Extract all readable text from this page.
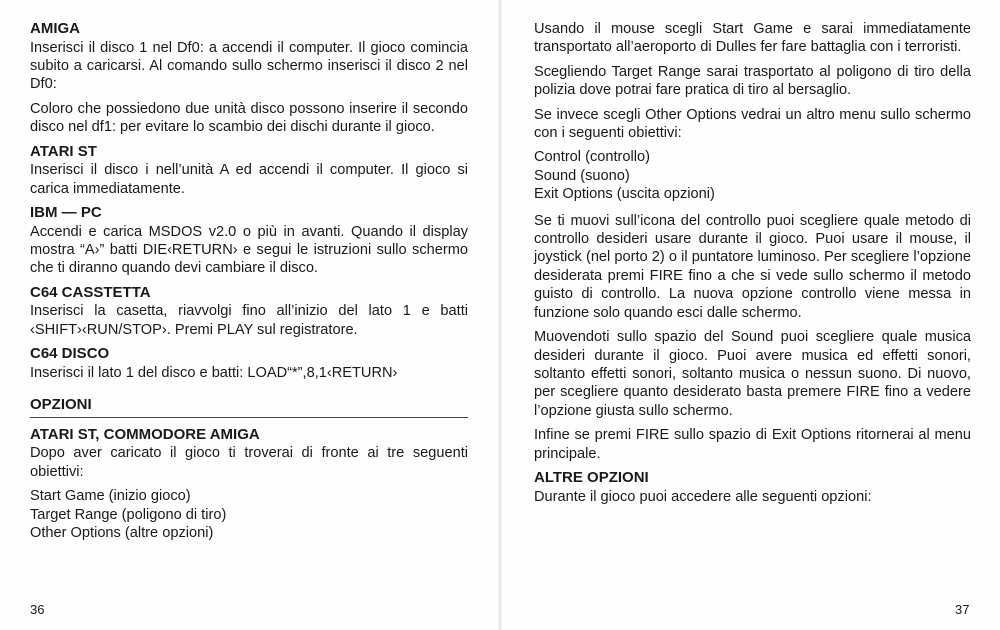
AMIGA

Inserisci il disco 1 nel Df0: a accendi il computer. Il gioco comincia subito a caricarsi. Al comando sullo schermo inserisci il disco 2 nel Df0:

Coloro che possiedono due unità disco possono inserire il secondo disco nel df1: per evitare lo scambio dei dischi durante il gioco.

ATARI ST

Inserisci il disco i nell’unità A ed accendi il computer. Il gioco si carica immediatamente.

IBM — PC

Accendi e carica MSDOS v2.0 o più in avanti. Quando il display mostra “A›” batti DIE‹RETURN› e segui le istruzioni sullo schermo che ti diranno quando devi cambiare il disco.

C64 CASSTETTA

Inserisci la casetta, riavvolgi fino all’inizio del lato 1 e batti ‹SHIFT›‹RUN/STOP›. Premi PLAY sul registratore.

C64 DISCO

Inserisci il lato 1 del disco e batti: LOAD“*”,8,1‹RETURN›

OPZIONI
ATARI ST, COMMODORE AMIGA

Dopo aver caricato il gioco ti troverai di fronte ai tre seguenti obiettivi:

Start Game (inizio gioco)
Target Range (poligono di tiro)
Other Options (altre opzioni)

Usando il mouse scegli Start Game e sarai immediatamente transportato all’aeroporto di Dulles fer fare battaglia con i terroristi.

Scegliendo Target Range sarai trasportato al poligono di tiro della polizia dove potrai fare pratica di tiro al bersaglio.

Se invece scegli Other Options vedrai un altro menu sullo schermo con i seguenti obiettivi:

Control (controllo)
Sound (suono)
Exit Options (uscita opzioni)

Se ti muovi sull’icona del controllo puoi scegliere quale metodo di controllo desideri usare durante il gioco. Puoi usare il mouse, il joystick (nel porto 2) o il puntatore luminoso. Per scegliere l’opzione desiderata premi FIRE fino a che si vede sullo schermo il metodo guisto di controllo. La nuova opzione controllo viene messa in funzione solo quando esci dalle schermo.

Muovendoti sullo spazio del Sound puoi scegliere quale musica desideri durante il gioco. Puoi avere musica ed effetti sonori, soltanto effetti sonori, soltanto musica o nessun suono. Di nuovo, per scegliere quanto desiderato basta premere FIRE fino a vedere l’opzione giusta sullo schermo.

Infine se premi FIRE sullo spazio di Exit Options ritornerai al menu principale.

ALTRE OPZIONI

Durante il gioco puoi accedere alle seguenti opzioni:

36	37
